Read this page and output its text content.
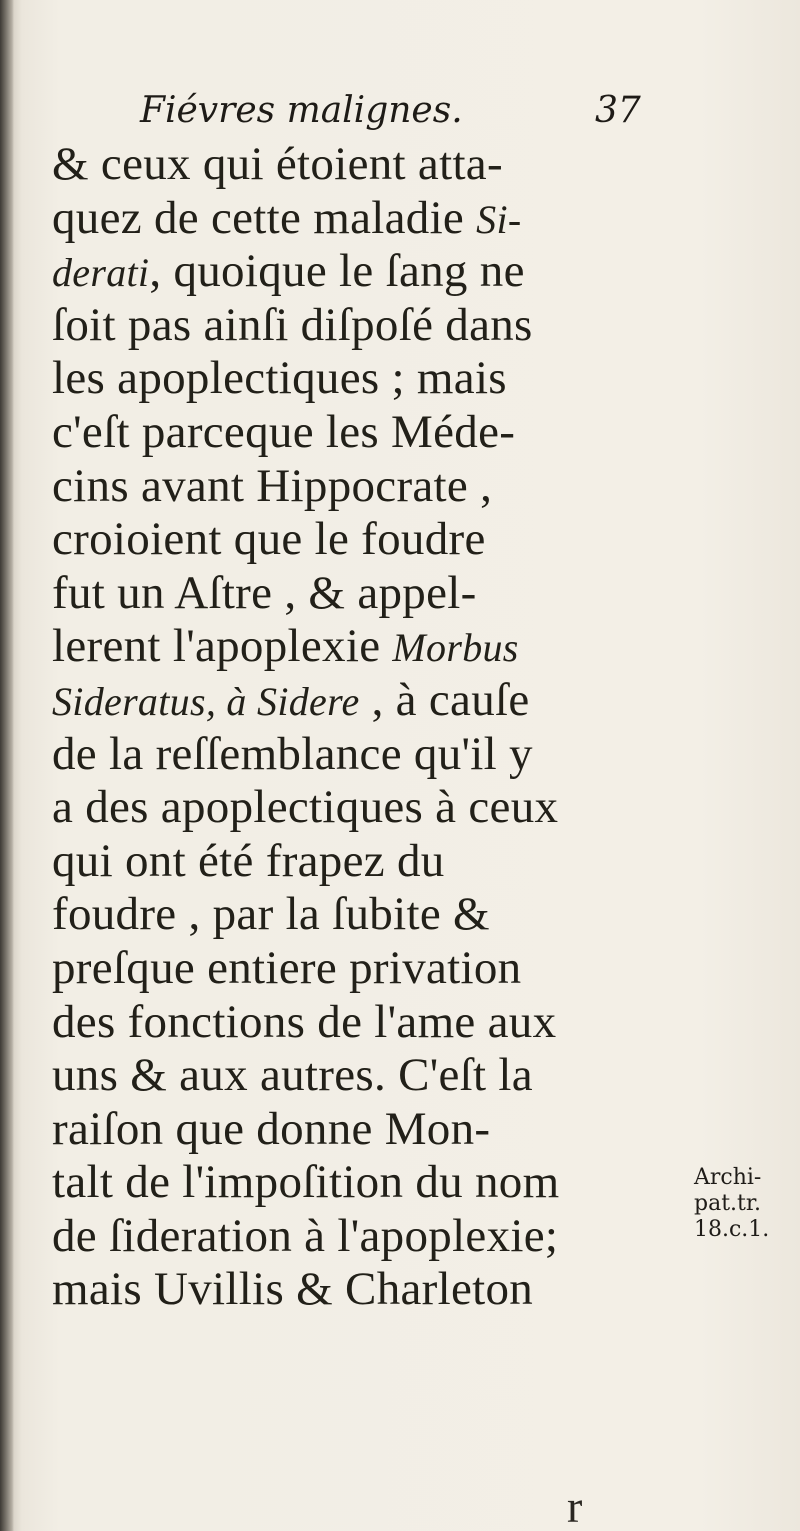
Fiévres malignes.	37
& ceux qui étoient atta-
quez de cette maladie Si-
derati, quoique le ſang ne
ſoit pas ainſi diſpoſé dans
les apoplectiques ; mais
c'eſt parceque les Méde-
cins avant Hippocrate ,
croioient que le foudre
fut un Aſtre , & appel-
lerent l'apoplexie Morbus
Sideratus, à Sidere , à cauſe
de la reſſemblance qu'il y
a des apoplectiques à ceux
qui ont été frapez du
foudre , par la ſubite &
preſque entiere privation
des fonctions de l'ame aux
uns & aux autres. C'eſt la
raiſon que donne Mon-
talt de l'impoſition du nom
de ſideration à l'apoplexie;
mais Uvillis & Charleton
Archi-
pat.tr.
18.c.1.
r
